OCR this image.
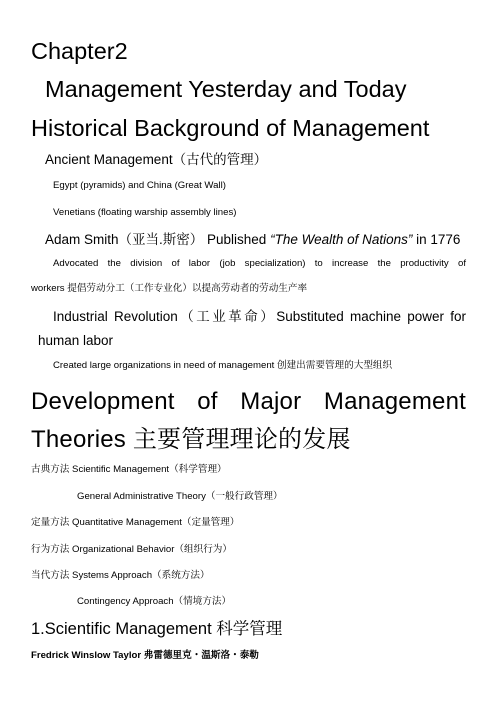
Chapter2
Management Yesterday and Today
Historical Background of Management
Ancient Management（古代的管理）
Egypt (pyramids) and China (Great Wall)
Venetians (floating warship assembly lines)
Adam Smith（亚当.斯密） Published “The Wealth of Nations” in 1776
Advocated the division of labor (job specialization) to increase the productivity of
workers 提倡劳动分工（工作专业化）以提高劳动者的劳动生产率
Industrial Revolution（工业革命）Substituted machine power for
human labor
Created large organizations in need of management 创建出需要管理的大型组织
Development of Major Management
Theories 主要管理理论的发展
古典方法 Scientific Management（科学管理）
General Administrative Theory（一般行政管理）
定量方法 Quantitative Management（定量管理）
行为方法 Organizational Behavior（组织行为）
当代方法 Systems Approach（系统方法）
Contingency Approach（情境方法）
1.Scientific Management 科学管理
Fredrick Winslow Taylor 弗雷德里克・温斯洛・泰勒
